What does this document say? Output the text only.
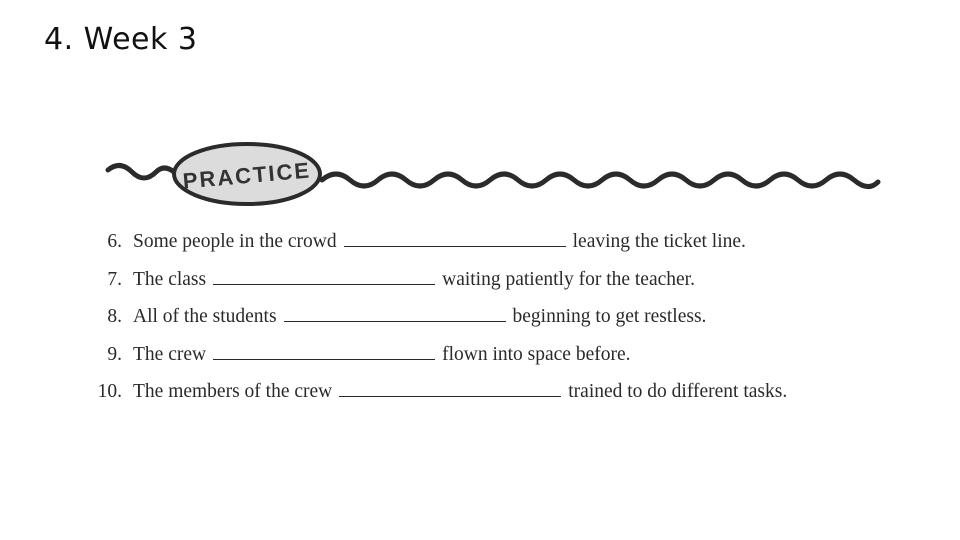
4. Week 3
PRACTICE
6. Some people in the crowd	leaving the ticket line.
7. The class	waiting patiently for the teacher.
8. All of the students	beginning to get restless.
9. The crew	flown into space before.
10. The members of the crew	trained to do different tasks.
